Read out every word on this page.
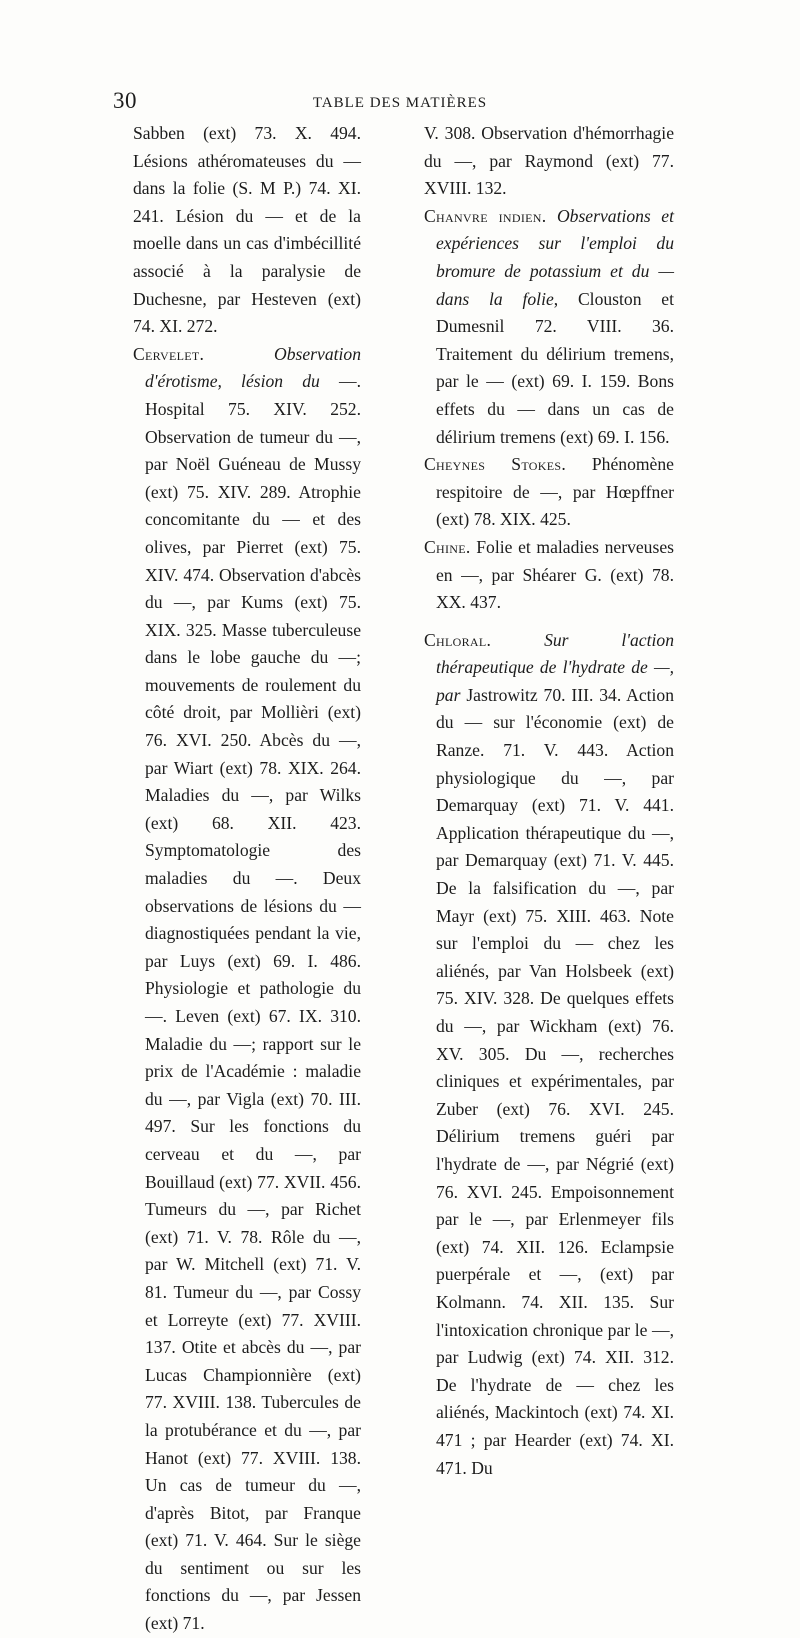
30	TABLE DES MATIÈRES

Sabben (ext) 73. X. 494. Lésions athéromateuses du — dans la folie (S. M P.) 74. XI. 241. Lésion du — et de la moelle dans un cas d'imbécillité associé à la paralysie de Duchesne, par Hesteven (ext) 74. XI. 272.

Cervelet.	Observation d'érotisme, lésion du —. Hospital 75. XIV. 252. Observation de tumeur du —, par Noël Guéneau de Mussy (ext) 75. XIV. 289. Atrophie concomitante du — et des olives, par Pierret (ext) 75. XIV. 474. Observation d'abcès du —, par Kums (ext) 75. XIX. 325. Masse tuberculeuse dans le lobe gauche du —; mouvements de roulement du côté droit, par Mollièri (ext) 76. XVI. 250. Abcès du —, par Wiart (ext) 78. XIX. 264. Maladies du —, par Wilks (ext) 68. XII. 423. Symptomatologie des maladies du —. Deux observations de lésions du — diagnostiquées pendant la vie, par Luys (ext) 69. I. 486. Physiologie et pathologie du —. Leven (ext) 67. IX. 310. Maladie du —; rapport sur le prix de l'Académie : maladie du —, par Vigla (ext) 70. III. 497. Sur les fonctions du cerveau et du —, par Bouillaud (ext) 77. XVII. 456. Tumeurs du —, par Richet (ext) 71. V. 78. Rôle du —, par W. Mitchell (ext) 71. V. 81. Tumeur du —, par Cossy et Lorreyte (ext) 77. XVIII. 137. Otite et abcès du —, par Lucas Championnière (ext) 77. XVIII. 138. Tubercules de la protubérance et du —, par Hanot (ext) 77. XVIII. 138. Un cas de tumeur du —, d'après Bitot, par Franque (ext) 71. V. 464. Sur le siège du sentiment ou sur les fonctions du —, par Jessen (ext) 71.

V. 308. Observation d'hémorrhagie du —, par Raymond (ext) 77. XVIII. 132.

Chanvre indien. Observations et expériences sur l'emploi du bromure de potassium et du — dans la folie, Clouston et Dumesnil 72. VIII. 36. Traitement du délirium tremens, par le — (ext) 69. I. 159. Bons effets du — dans un cas de délirium tremens (ext) 69. I. 156.

Cheynes Stokes. Phénomène respitoire de —, par Hœpffner (ext) 78. XIX. 425.

Chine. Folie et maladies nerveuses en —, par Shéarer G. (ext) 78. XX. 437.

Chloral.	Sur l'action thérapeutique de l'hydrate de —, par Jastrowitz 70. III. 34. Action du — sur l'économie (ext) de Ranze. 71. V. 443. Action physiologique du —, par Demarquay (ext) 71. V. 441. Application thérapeutique du —, par Demarquay (ext) 71. V. 445. De la falsification du —, par Mayr (ext) 75. XIII. 463. Note sur l'emploi du — chez les aliénés, par Van Holsbeek (ext) 75. XIV. 328. De quelques effets du —, par Wickham (ext) 76. XV. 305. Du —, recherches cliniques et expérimentales, par Zuber (ext) 76. XVI. 245. Délirium tremens guéri par l'hydrate de —, par Négrié (ext) 76. XVI. 245. Empoisonnement par le —, par Erlenmeyer fils (ext) 74. XII. 126. Eclampsie puerpérale et —, (ext) par Kolmann. 74. XII. 135. Sur l'intoxication chronique par le —, par Ludwig (ext) 74. XII. 312. De l'hydrate de — chez les aliénés, Mackintoch (ext) 74. XI. 471 ; par Hearder (ext) 74. XI. 471. Du
